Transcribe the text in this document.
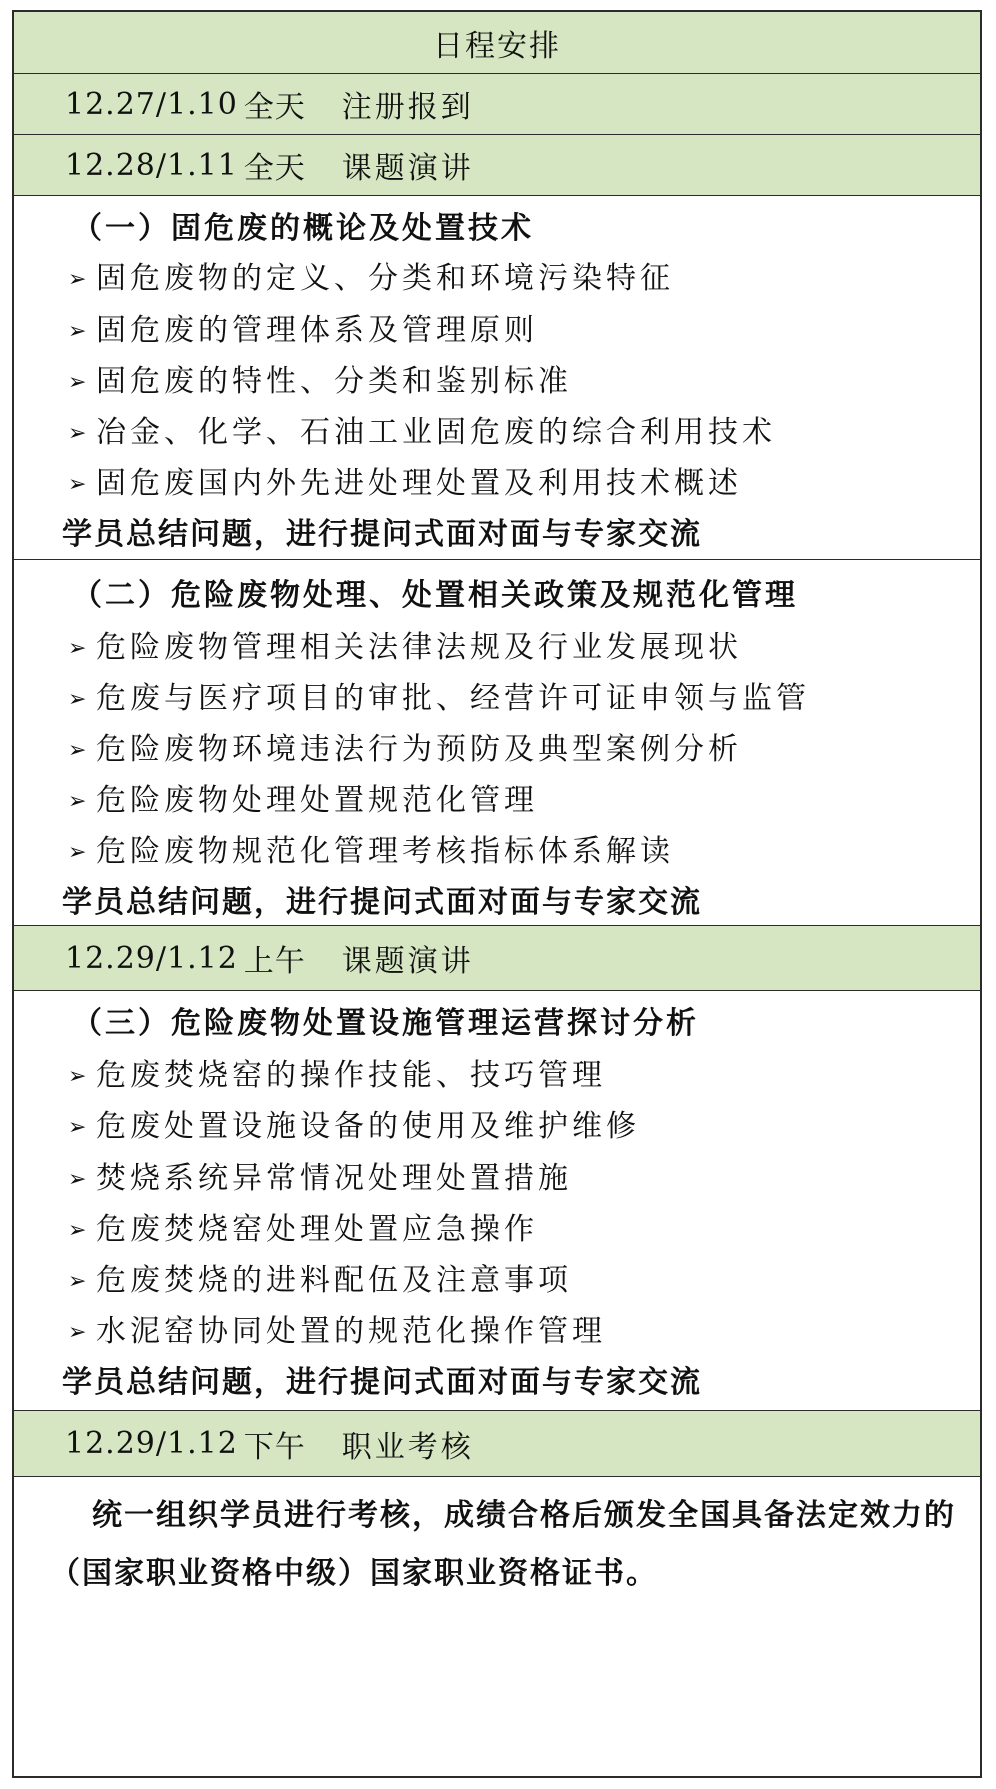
日程安排
12.27/1.10 全天 注册报到
12.28/1.11 全天 课题演讲
（一）固危废的概论及处置技术
➢ 固危废物的定义、分类和环境污染特征
➢ 固危废的管理体系及管理原则
➢ 固危废的特性、分类和鉴别标准
➢ 冶金、化学、石油工业固危废的综合利用技术
➢ 固危废国内外先进处理处置及利用技术概述
学员总结问题，进行提问式面对面与专家交流
（二）危险废物处理、处置相关政策及规范化管理
➢ 危险废物管理相关法律法规及行业发展现状
➢ 危废与医疗项目的审批、经营许可证申领与监管
➢ 危险废物环境违法行为预防及典型案例分析
➢ 危险废物处理处置规范化管理
➢ 危险废物规范化管理考核指标体系解读
学员总结问题，进行提问式面对面与专家交流
12.29/1.12 上午 课题演讲
（三）危险废物处置设施管理运营探讨分析
➢ 危废焚烧窑的操作技能、技巧管理
➢ 危废处置设施设备的使用及维护维修
➢ 焚烧系统异常情况处理处置措施
➢ 危废焚烧窑处理处置应急操作
➢ 危废焚烧的进料配伍及注意事项
➢ 水泥窑协同处置的规范化操作管理
学员总结问题，进行提问式面对面与专家交流
12.29/1.12 下午 职业考核
统一组织学员进行考核，成绩合格后颁发全国具备法定效力的（国家职业资格中级）国家职业资格证书。
